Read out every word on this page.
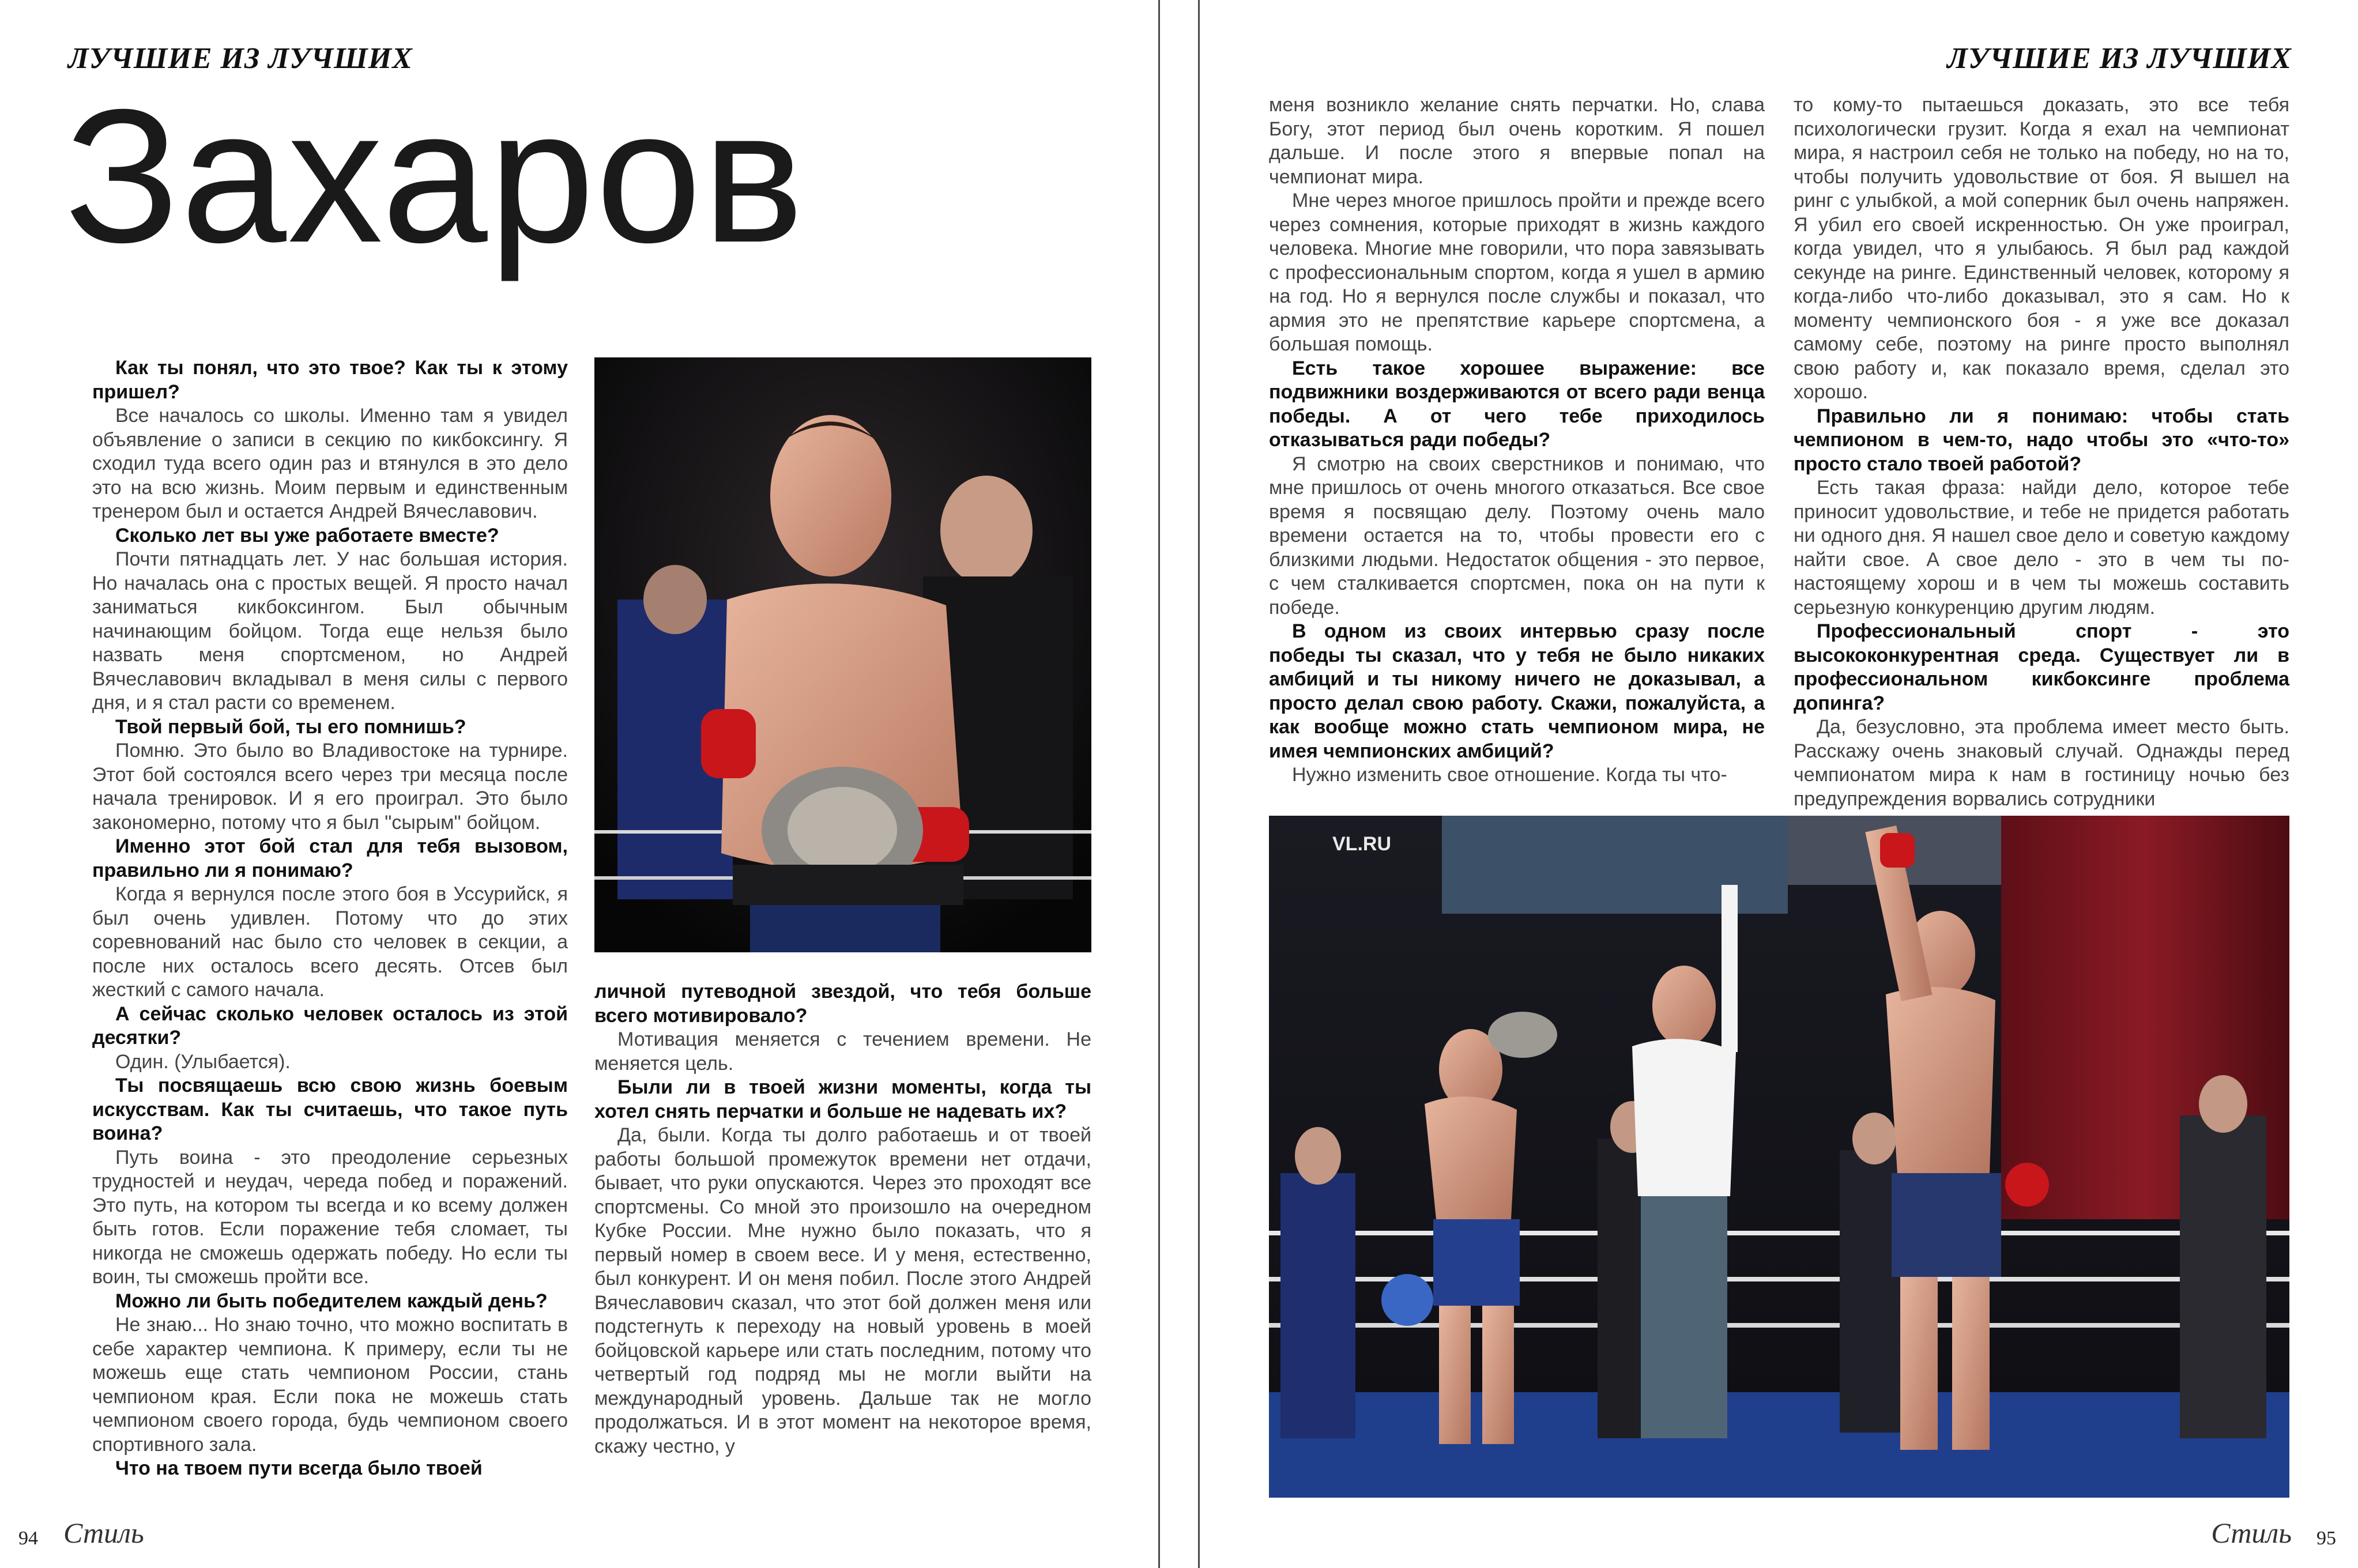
ЛУЧШИЕ ИЗ ЛУЧШИХ
Захаров

Как ты понял, что это твое? Как ты к этому пришел?

Все началось со школы. Именно там я увидел объявление о записи в секцию по кикбоксингу. Я сходил туда всего один раз и втянулся в это дело это на всю жизнь. Моим первым и единственным тренером был и остается Андрей Вячеславович.

Сколько лет вы уже работаете вместе?

Почти пятнадцать лет. У нас большая история. Но началась она с простых вещей. Я просто начал заниматься кикбоксингом. Был обычным начинающим бойцом. Тогда еще нельзя было назвать меня спортсменом, но Андрей Вячеславович вкладывал в меня силы с первого дня, и я стал расти со временем.

Твой первый бой, ты его помнишь?

Помню. Это было во Владивостоке на турнире. Этот бой состоялся всего через три месяца после начала тренировок. И я его проиграл. Это было закономерно, потому что я был "сырым" бойцом.

Именно этот бой стал для тебя вызовом, правильно ли я понимаю?

Когда я вернулся после этого боя в Уссурийск, я был очень удивлен. Потому что до этих соревнований нас было сто человек в секции, а после них осталось всего десять. Отсев был жесткий с самого начала.

А сейчас сколько человек осталось из этой десятки?

Один. (Улыбается).

Ты посвящаешь всю свою жизнь боевым искусствам. Как ты считаешь, что такое путь воина?

Путь воина - это преодоление серьезных трудностей и неудач, череда побед и поражений. Это путь, на котором ты всегда и ко всему должен быть готов. Если поражение тебя сломает, ты никогда не сможешь одержать победу. Но если ты воин, ты сможешь пройти все.

Можно ли быть победителем каждый день?

Не знаю... Но знаю точно, что можно воспитать в себе характер чемпиона. К примеру, если ты не можешь еще стать чемпионом России, стань чемпионом края. Если пока не можешь стать чемпионом своего города, будь чемпионом своего спортивного зала.

Что на твоем пути всегда было твоей

личной путеводной звездой, что тебя больше всего мотивировало?

Мотивация меняется с течением времени. Не меняется цель.

Были ли в твоей жизни моменты, когда ты хотел снять перчатки и больше не надевать их?

Да, были. Когда ты долго работаешь и от твоей работы большой промежуток времени нет отдачи, бывает, что руки опускаются. Через это проходят все спортсмены. Со мной это произошло на очередном Кубке России. Мне нужно было показать, что я первый номер в своем весе. И у меня, естественно, был конкурент. И он меня побил. После этого Андрей Вячеславович сказал, что этот бой должен меня или подстегнуть к переходу на новый уровень в моей бойцовской карьере или стать последним, потому что четвертый год подряд мы не могли выйти на международный уровень. Дальше так не могло продолжаться. И в этот момент на некоторое время, скажу честно, у

94 Стиль
ЛУЧШИЕ ИЗ ЛУЧШИХ

меня возникло желание снять перчатки. Но, слава Богу, этот период был очень коротким. Я пошел дальше. И после этого я впервые попал на чемпионат мира.

Мне через многое пришлось пройти и прежде всего через сомнения, которые приходят в жизнь каждого человека. Многие мне говорили, что пора завязывать с профессиональным спортом, когда я ушел в армию на год. Но я вернулся после службы и показал, что армия это не препятствие карьере спортсмена, а большая помощь.

Есть такое хорошее выражение: все подвижники воздерживаются от всего ради венца победы. А от чего тебе приходилось отказываться ради победы?

Я смотрю на своих сверстников и понимаю, что мне пришлось от очень многого отказаться. Все свое время я посвящаю делу. Поэтому очень мало времени остается на то, чтобы провести его с близкими людьми. Недостаток общения - это первое, с чем сталкивается спортсмен, пока он на пути к победе.

В одном из своих интервью сразу после победы ты сказал, что у тебя не было никаких амбиций и ты никому ничего не доказывал, а просто делал свою работу. Скажи, пожалуйста, а как вообще можно стать чемпионом мира, не имея чемпионских амбиций?

Нужно изменить свое отношение. Когда ты что-

то кому-то пытаешься доказать, это все тебя психологически грузит. Когда я ехал на чемпионат мира, я настроил себя не только на победу, но на то, чтобы получить удовольствие от боя. Я вышел на ринг с улыбкой, а мой соперник был очень напряжен. Я убил его своей искренностью. Он уже проиграл, когда увидел, что я улыбаюсь. Я был рад каждой секунде на ринге. Единственный человек, которому я когда-либо что-либо доказывал, это я сам. Но к моменту чемпионского боя - я уже все доказал самому себе, поэтому на ринге просто выполнял свою работу и, как показало время, сделал это хорошо.

Правильно ли я понимаю: чтобы стать чемпионом в чем-то, надо чтобы это «что-то» просто стало твоей работой?

Есть такая фраза: найди дело, которое тебе приносит удовольствие, и тебе не придется работать ни одного дня. Я нашел свое дело и советую каждому найти свое. А свое дело - это в чем ты по-настоящему хорош и в чем ты можешь составить серьезную конкуренцию другим людям.

Профессиональный спорт - это высококонкурентная среда. Существует ли в профессиональном кикбоксинге проблема допинга?

Да, безусловно, эта проблема имеет место быть. Расскажу очень знаковый случай. Однажды перед чемпионатом мира к нам в гостиницу ночью без предупреждения ворвались сотрудники

VL.RU
Стиль 95
